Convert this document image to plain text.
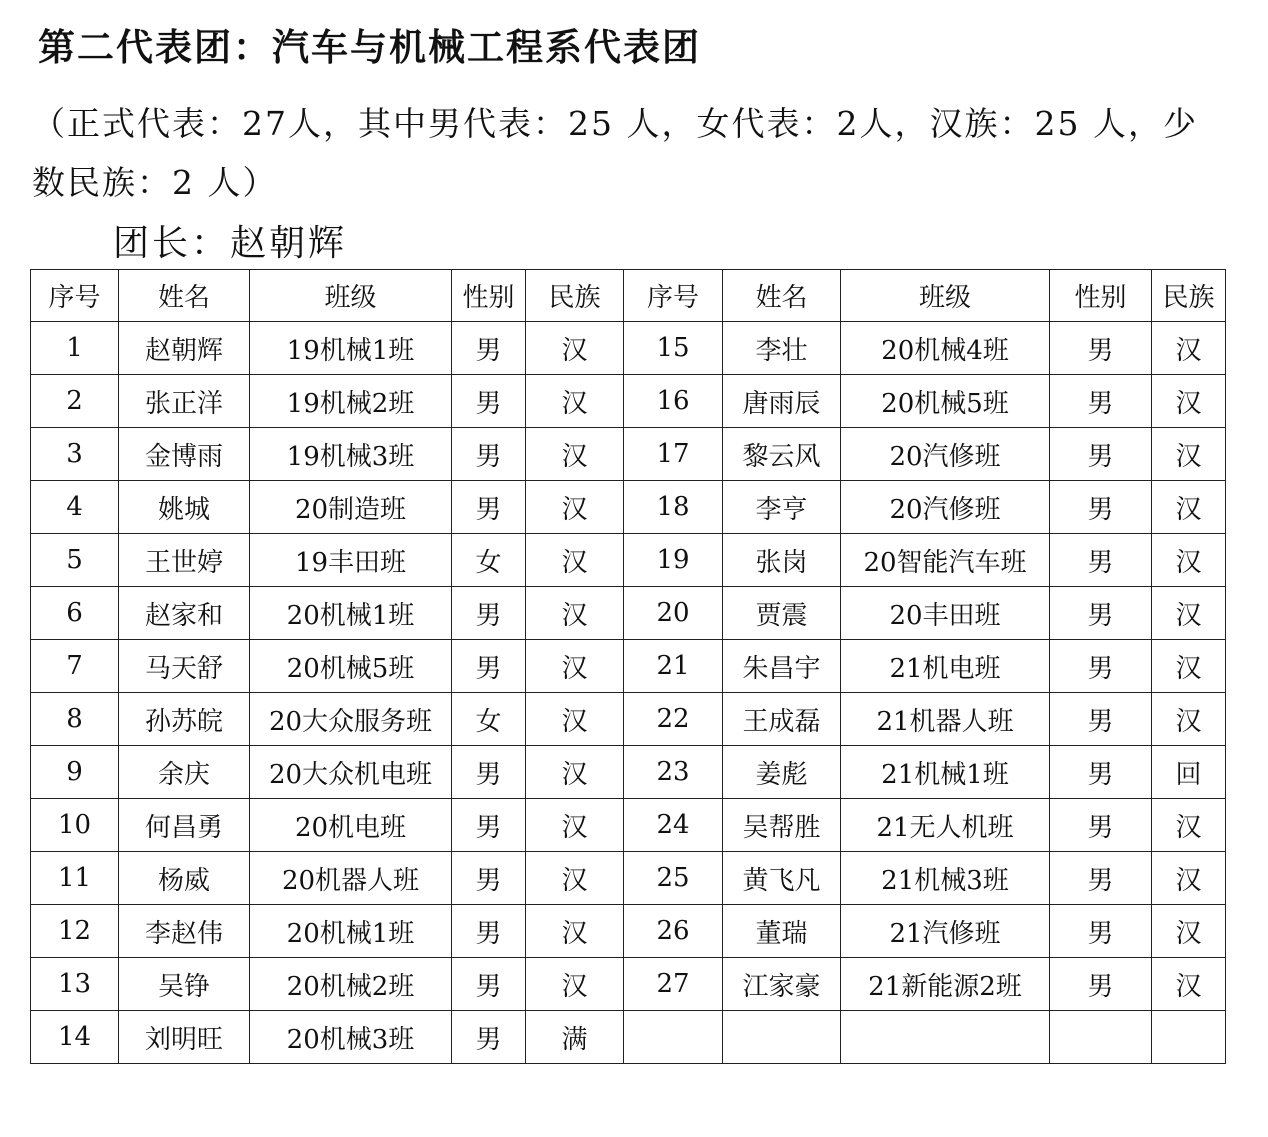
第二代表团：汽车与机械工程系代表团
（正式代表：27人，其中男代表：25 人，女代表：2人，汉族：25 人，少数民族：2 人）
团长：赵朝辉
序号	姓名	班级	性别	民族	序号	姓名	班级	性别	民族
1	赵朝辉	19机械1班	男	汉	15	李壮	20机械4班	男	汉
2	张正洋	19机械2班	男	汉	16	唐雨辰	20机械5班	男	汉
3	金博雨	19机械3班	男	汉	17	黎云风	20汽修班	男	汉
4	姚城	20制造班	男	汉	18	李亨	20汽修班	男	汉
5	王世婷	19丰田班	女	汉	19	张岗	20智能汽车班	男	汉
6	赵家和	20机械1班	男	汉	20	贾震	20丰田班	男	汉
7	马天舒	20机械5班	男	汉	21	朱昌宇	21机电班	男	汉
8	孙苏皖	20大众服务班	女	汉	22	王成磊	21机器人班	男	汉
9	余庆	20大众机电班	男	汉	23	姜彪	21机械1班	男	回
10	何昌勇	20机电班	男	汉	24	吴帮胜	21无人机班	男	汉
11	杨威	20机器人班	男	汉	25	黄飞凡	21机械3班	男	汉
12	李赵伟	20机械1班	男	汉	26	董瑞	21汽修班	男	汉
13	吴铮	20机械2班	男	汉	27	江家豪	21新能源2班	男	汉
14	刘明旺	20机械3班	男	满					
